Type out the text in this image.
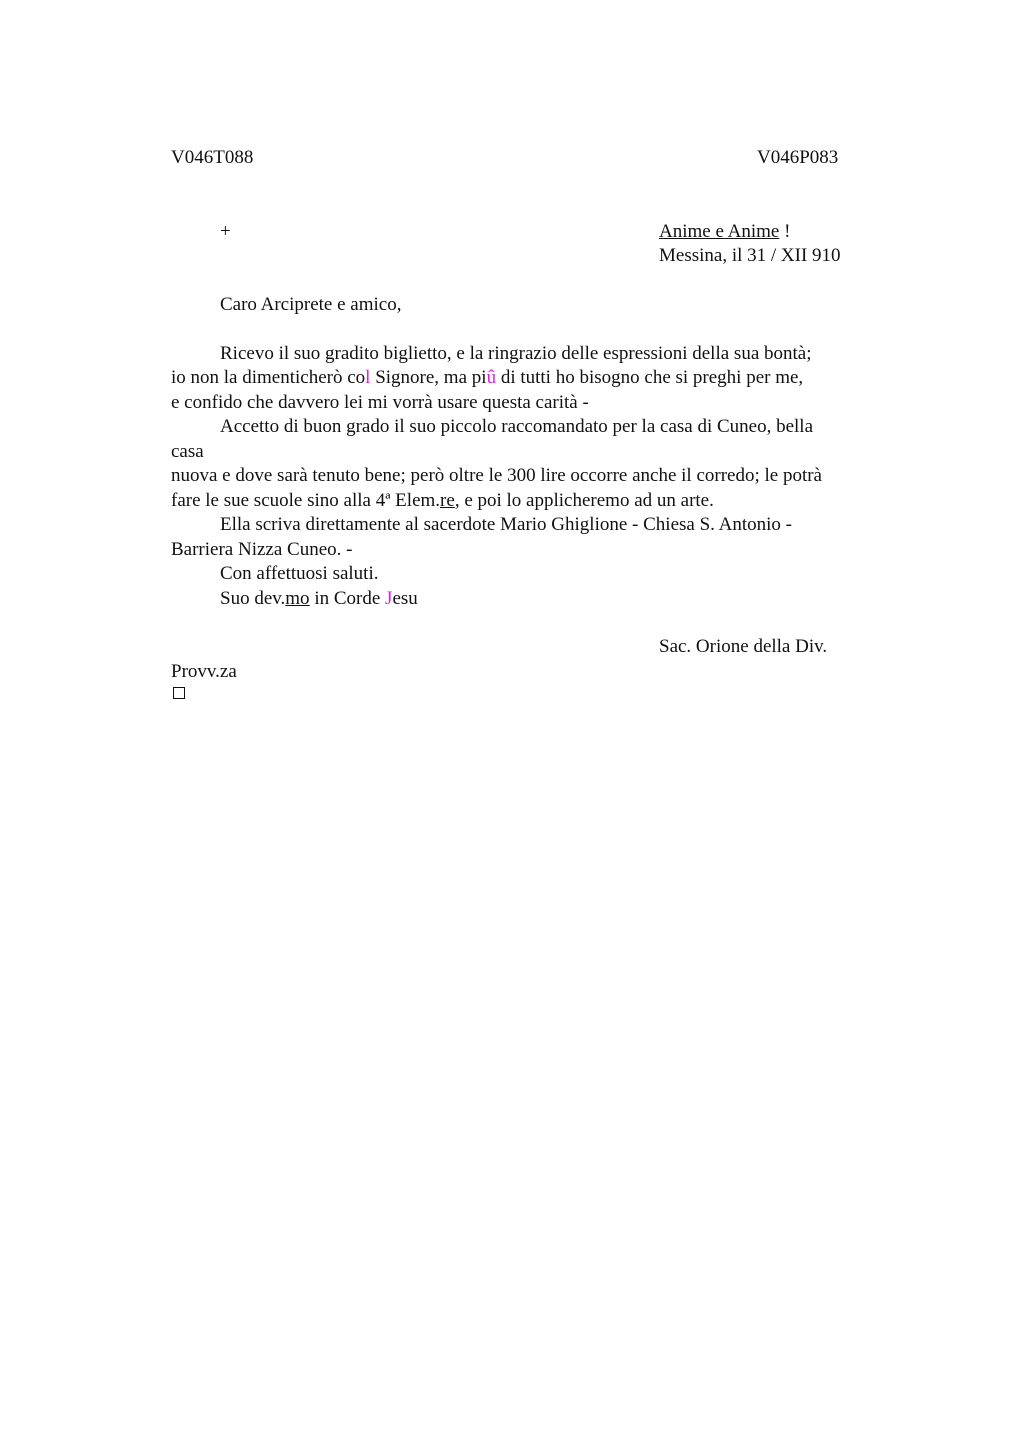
V046T088	V046P083
+	Anime e Anime !
Messina, il 31 / XII 910
Caro Arciprete e amico,
Ricevo il suo gradito biglietto, e la ringrazio delle espressioni della sua bontà;
io non la dimenticherò col Signore, ma piû di tutti ho bisogno che si preghi per me,
e confido che davvero lei mi vorrà usare questa carità -
Accetto di buon grado il suo piccolo raccomandato per la casa di Cuneo, bella
casa
nuova e dove sarà tenuto bene; però oltre le 300 lire occorre anche il corredo; le potrà
fare le sue scuole sino alla 4ª Elem.re, e poi lo applicheremo ad un arte.
Ella scriva direttamente al sacerdote Mario Ghiglione - Chiesa S. Antonio -
Barriera Nizza Cuneo. -
Con affettuosi saluti.
Suo dev.mo in Corde Jesu
Sac. Orione della Div.
Provv.za
